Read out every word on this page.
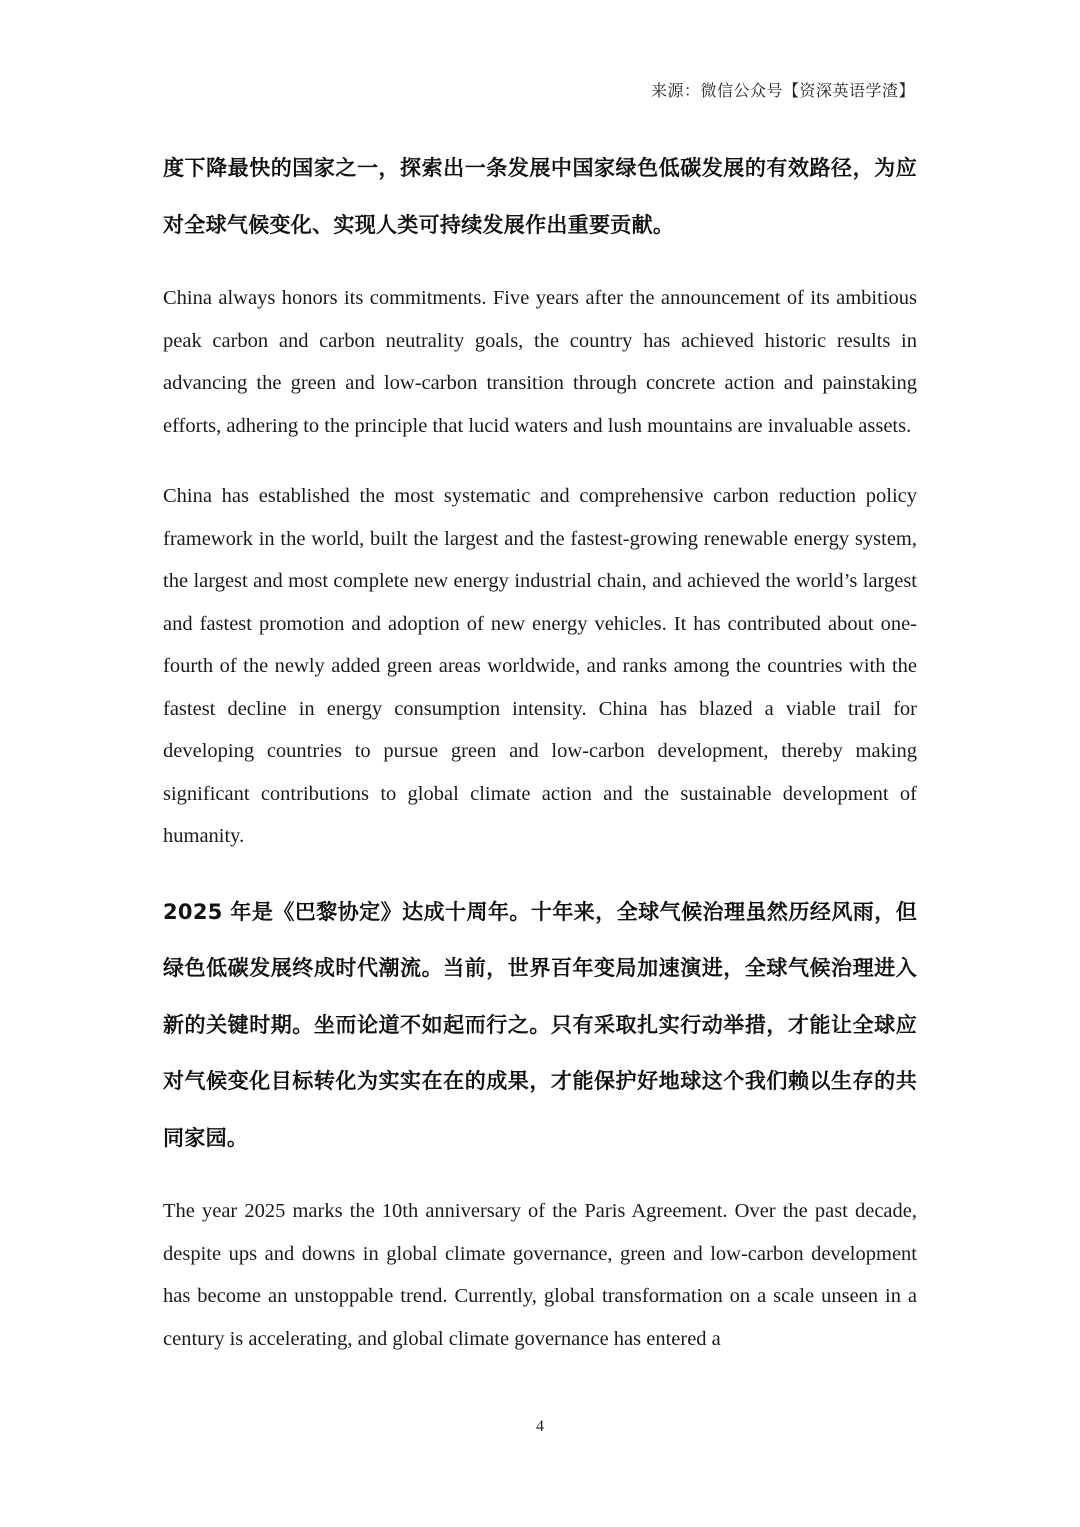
来源：微信公众号【资深英语学渣】

度下降最快的国家之一，探索出一条发展中国家绿色低碳发展的有效路径，为应对全球气候变化、实现人类可持续发展作出重要贡献。

China always honors its commitments. Five years after the announcement of its ambitious peak carbon and carbon neutrality goals, the country has achieved historic results in advancing the green and low-carbon transition through concrete action and painstaking efforts, adhering to the principle that lucid waters and lush mountains are invaluable assets.

China has established the most systematic and comprehensive carbon reduction policy framework in the world, built the largest and the fastest-growing renewable energy system, the largest and most complete new energy industrial chain, and achieved the world’s largest and fastest promotion and adoption of new energy vehicles. It has contributed about one-fourth of the newly added green areas worldwide, and ranks among the countries with the fastest decline in energy consumption intensity. China has blazed a viable trail for developing countries to pursue green and low-carbon development, thereby making significant contributions to global climate action and the sustainable development of humanity.

2025 年是《巴黎协定》达成十周年。十年来，全球气候治理虽然历经风雨，但绿色低碳发展终成时代潮流。当前，世界百年变局加速演进，全球气候治理进入新的关键时期。坐而论道不如起而行之。只有采取扎实行动举措，才能让全球应对气候变化目标转化为实实在在的成果，才能保护好地球这个我们赖以生存的共同家园。

The year 2025 marks the 10th anniversary of the Paris Agreement. Over the past decade, despite ups and downs in global climate governance, green and low-carbon development has become an unstoppable trend. Currently, global transformation on a scale unseen in a century is accelerating, and global climate governance has entered a

4
